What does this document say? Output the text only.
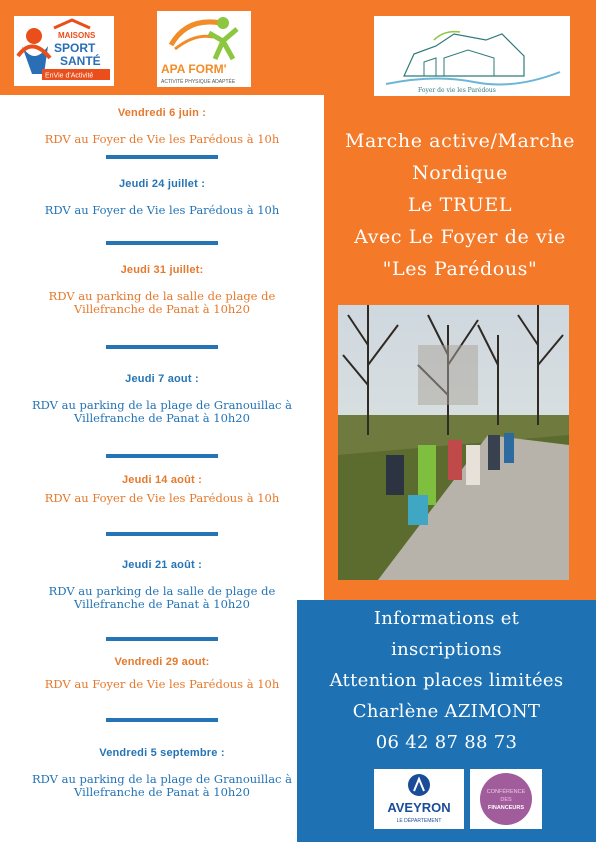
MAISONS
SPORT
SANTÉ
EnVie d'Activité	APA FORM'
ACTIVITÉ PHYSIQUE ADAPTÉE
Foyer de vie les Parédous
Vendredi 6 juin :
RDV au Foyer de Vie les Parédous à 10h
Jeudi 24 juillet :
RDV au Foyer de Vie les Parédous à 10h
Jeudi 31 juillet:
RDV au parking de la salle de plage de Villefranche de Panat à 10h20
Jeudi 7 aout :
RDV au parking de la plage de Granouillac à Villefranche de Panat à 10h20
Jeudi 14 août :
RDV au Foyer de Vie les Parédous à 10h
Jeudi 21 août :
RDV au parking de la salle de plage de Villefranche de Panat à 10h20
Vendredi 29 aout:
RDV au Foyer de Vie les Parédous à 10h
Vendredi 5 septembre :
RDV au parking de la plage de Granouillac à Villefranche de Panat à 10h20
Marche active/Marche
Nordique
Le TRUEL
Avec Le Foyer de vie
"Les Parédous"
Informations et
inscriptions
Attention places limitées
Charlène AZIMONT
06 42 87 88 73
AVEYRON
LE DÉPARTEMENT
CONFÉRENCE
DES
FINANCEURS
